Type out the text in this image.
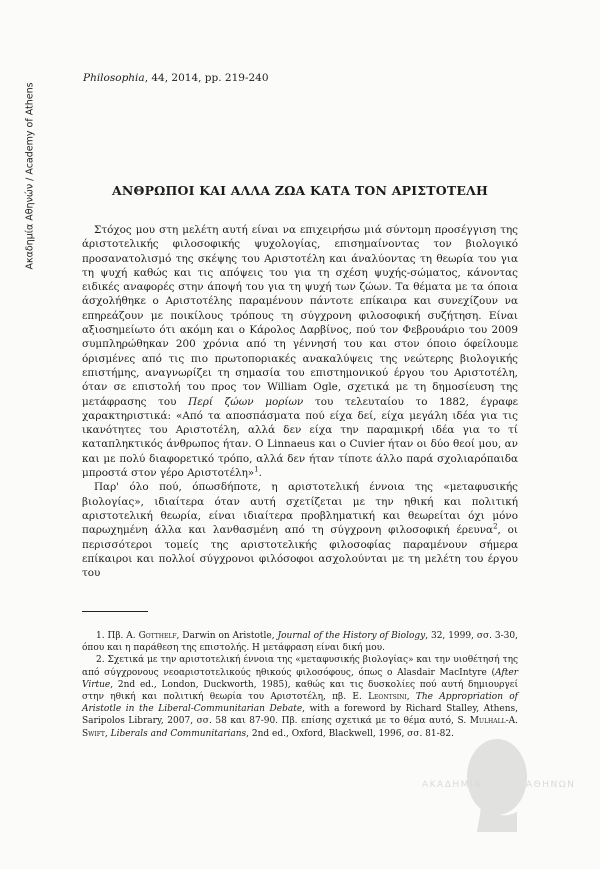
Ακαδημία Αθηνών / Academy of Athens
Philosophia, 44, 2014, pp. 219-240
ΑΝΘΡΩΠΟΙ ΚΑΙ ΑΛΛΑ ΖΩΑ ΚΑΤΑ ΤΟΝ ΑΡΙΣΤΟΤΕΛΗ

Στόχος μου στη μελέτη αυτή είναι να επιχειρήσω μιά σύντομη προσέγγιση της άριστοτελικής φιλοσοφικής ψυχολογίας, επισημαίνοντας τον βιολογικό προσανατολισμό της σκέψης του Αριστοτέλη και άναλύοντας τη θεωρία του για τη ψυχή καθώς και τις απόψεις του για τη σχέση ψυχής-σώματος, κάνοντας ειδικές αναφορές στην άποψή του για τη ψυχή των ζώων. Τα θέματα με τα όποια άσχολήθηκε ο Αριστοτέλης παραμένουν πάντοτε επίκαιρα και συνεχίζουν να επηρεάζουν με ποικίλους τρόπους τη σύγχρονη φιλοσοφική συζήτηση. Είναι αξιοσημείωτο ότι ακόμη και ο Κάρολος Δαρβίνος, πού τον Φεβρουάριο του 2009 συμπληρώθηκαν 200 χρόνια από τη γέννησή του και στον όποιο όφείλουμε όρισμένες από τις πιο πρωτοποριακές ανακαλύψεις της νεώτερης βιολογικής επιστήμης, αναγνωρίζει τη σημασία του επιστημονικού έργου του Αριστοτέλη, όταν σε επιστολή του προς τον William Ogle, σχετικά με τη δημοσίευση της μετάφρασης του Περί ζώων μορίων του τελευταίου το 1882, έγραφε χαρακτηριστικά: «Από τα αποσπάσματα πού είχα δεί, είχα μεγάλη ιδέα για τις ικανότητες του Αριστοτέλη, αλλά δεν είχα την παραμικρή ιδέα για το τί καταπληκτικός άνθρωπος ήταν. Ο Linnaeus και ο Cuvier ήταν οι δύο θεοί μου, αν και με πολύ διαφορετικό τρόπο, αλλά δεν ήταν τίποτε άλλο παρά σχολιαρόπαιδα μπροστά στον γέρο Αριστοτέλη»$^1$.

Παρ' όλο πού, όπωσδήποτε, η αριστοτελική έννοια της «μεταφυσικής βιολογίας», ιδιαίτερα όταν αυτή σχετίζεται με την ηθική και πολιτική αριστοτελική θεωρία, είναι ιδιαίτερα προβληματική και θεωρείται όχι μόνο παρωχημένη άλλα και λανθασμένη από τη σύγχρονη φιλοσοφική έρευνα$^2$, οι περισσότεροι τομείς της αριστοτελικής φιλοσοφίας παραμένουν σήμερα επίκαιροι και πολλοί σύγχρονοι φιλόσοφοι ασχολούνται με τη μελέτη του έργου του

1. Πβ. A. Gotthelf, Darwin on Aristotle, Journal of the History of Biology, 32, 1999, σσ. 3-30, όπου και η παράθεση της επιστολής. Η μετάφραση είναι δική μου.

2. Σχετικά με την αριστοτελική έννοια της «μεταφυσικής βιολογίας» και την υιοθέτησή της από σύγχρονους νεοαριστοτελικούς ηθικούς φιλοσόφους, όπως ο Alasdair MacIntyre (After Virtue, 2nd ed., London, Duckworth, 1985), καθώς και τις δυσκολίες πού αυτή δημιουργεί στην ηθική και πολιτική θεωρία του Αριστοτέλη, πβ. E. Leontsini, The Appropriation of Aristotle in the Liberal-Communitarian Debate, with a foreword by Richard Stalley, Athens, Saripolos Library, 2007, σσ. 58 και 87-90. Πβ. επίσης σχετικά με το θέμα αυτό, S. Mulhall-A. Swift, Liberals and Communitarians, 2nd ed., Oxford, Blackwell, 1996, σσ. 81-82.

ΑΚΑΔΗΜΙΑ	ΑΘΗΝΩΝ
